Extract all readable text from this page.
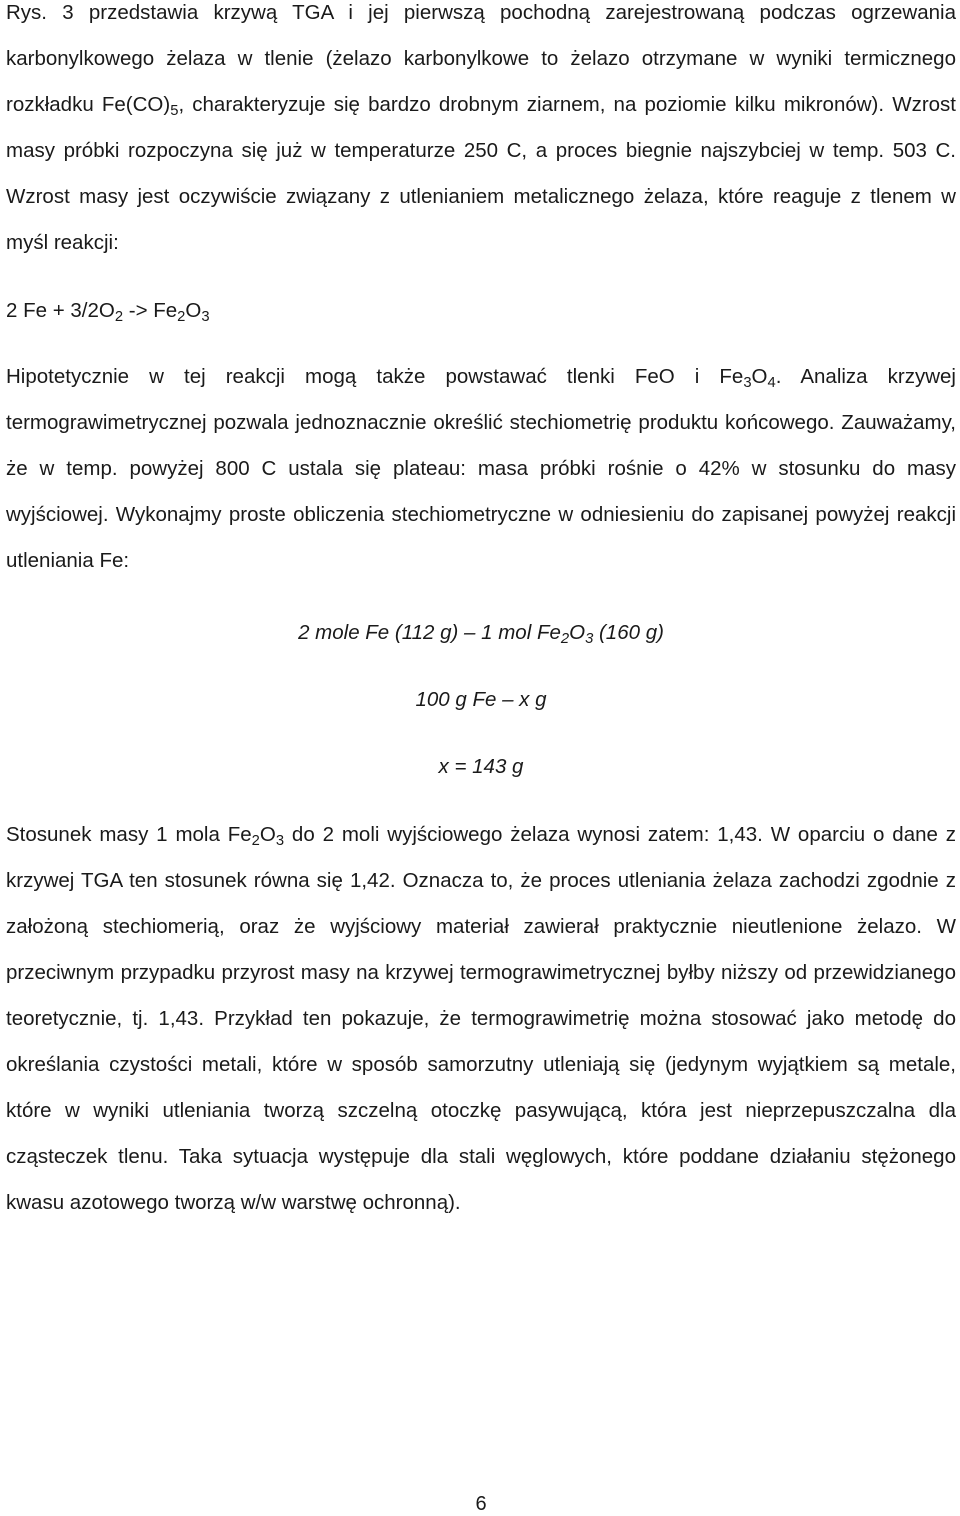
Rys. 3 przedstawia krzywą TGA i jej pierwszą pochodną zarejestrowaną podczas ogrzewania karbonylkowego żelaza w tlenie (żelazo karbonylkowe to żelazo otrzymane w wyniki termicznego rozkładku $Fe(CO)_5$, charakteryzuje się bardzo drobnym ziarnem, na poziomie kilku mikronów). Wzrost masy próbki rozpoczyna się już w temperaturze 250 C, a proces biegnie najszybciej w temp. 503 C. Wzrost masy jest oczywiście związany z utlenianiem metalicznego żelaza, które reaguje z tlenem w myśl reakcji:

2 $Fe + 3/2O_2 -> Fe_2O_3$

Hipotetycznie w tej reakcji mogą także powstawać tlenki FeO i $Fe_3O_4$. Analiza krzywej termograwimetrycznej pozwala jednoznacznie określić stechiometrię produktu końcowego. Zauważamy, że w temp. powyżej 800 C ustala się plateau: masa próbki rośnie o 42% w stosunku do masy wyjściowej. Wykonajmy proste obliczenia stechiometryczne w odniesieniu do zapisanej powyżej reakcji utleniania Fe:

2 mole Fe (112 g) – 1 mol $Fe_2O_3$ (160 g)

100 g Fe – x g

x = 143 g

Stosunek masy 1 mola $Fe_2O_3$ do 2 moli wyjściowego żelaza wynosi zatem: 1,43. W oparciu o dane z krzywej TGA ten stosunek równa się 1,42. Oznacza to, że proces utleniania żelaza zachodzi zgodnie z założoną stechiomerią, oraz że wyjściowy materiał zawierał praktycznie nieutlenione żelazo. W przeciwnym przypadku przyrost masy na krzywej termograwimetrycznej byłby niższy od przewidzianego teoretycznie, tj. 1,43. Przykład ten pokazuje, że termograwimetrię można stosować jako metodę do określania czystości metali, które w sposób samorzutny utleniają się (jedynym wyjątkiem są metale, które w wyniki utleniania tworzą szczelną otoczkę pasywującą, która jest nieprzepuszczalna dla cząsteczek tlenu. Taka sytuacja występuje dla stali węglowych, które poddane działaniu stężonego kwasu azotowego tworzą w/w warstwę ochronną).

6
